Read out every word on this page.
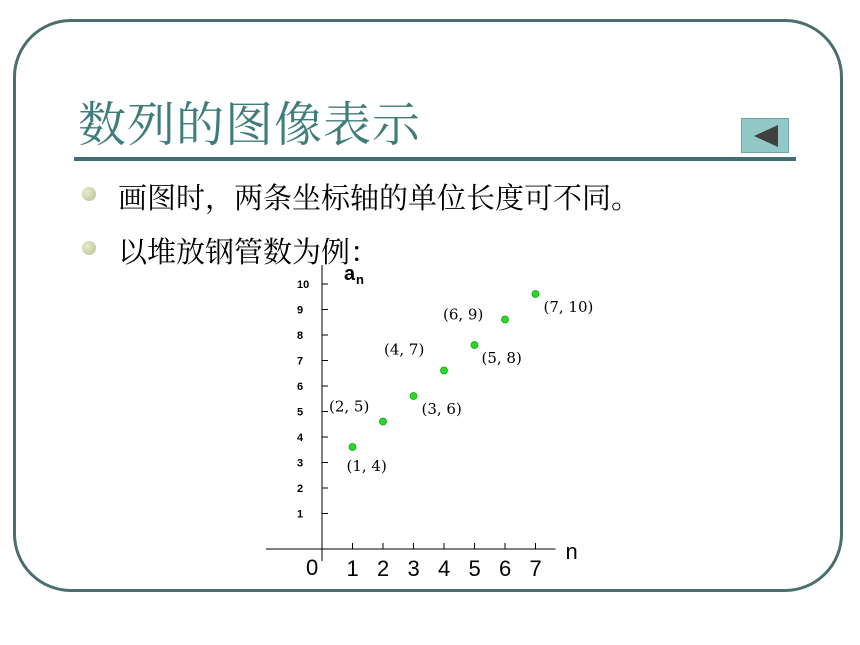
数列的图像表示
画图时，两条坐标轴的单位长度可不同。
以堆放钢管数为例：
1
2
3
4
5
6
7
8
9
10
1 2 3 4 5 6 7
0
n
a n
(1, 4)
(2, 5)	(3, 6)
(4, 7)	(5, 8)
(6, 9)	(7, 10)
